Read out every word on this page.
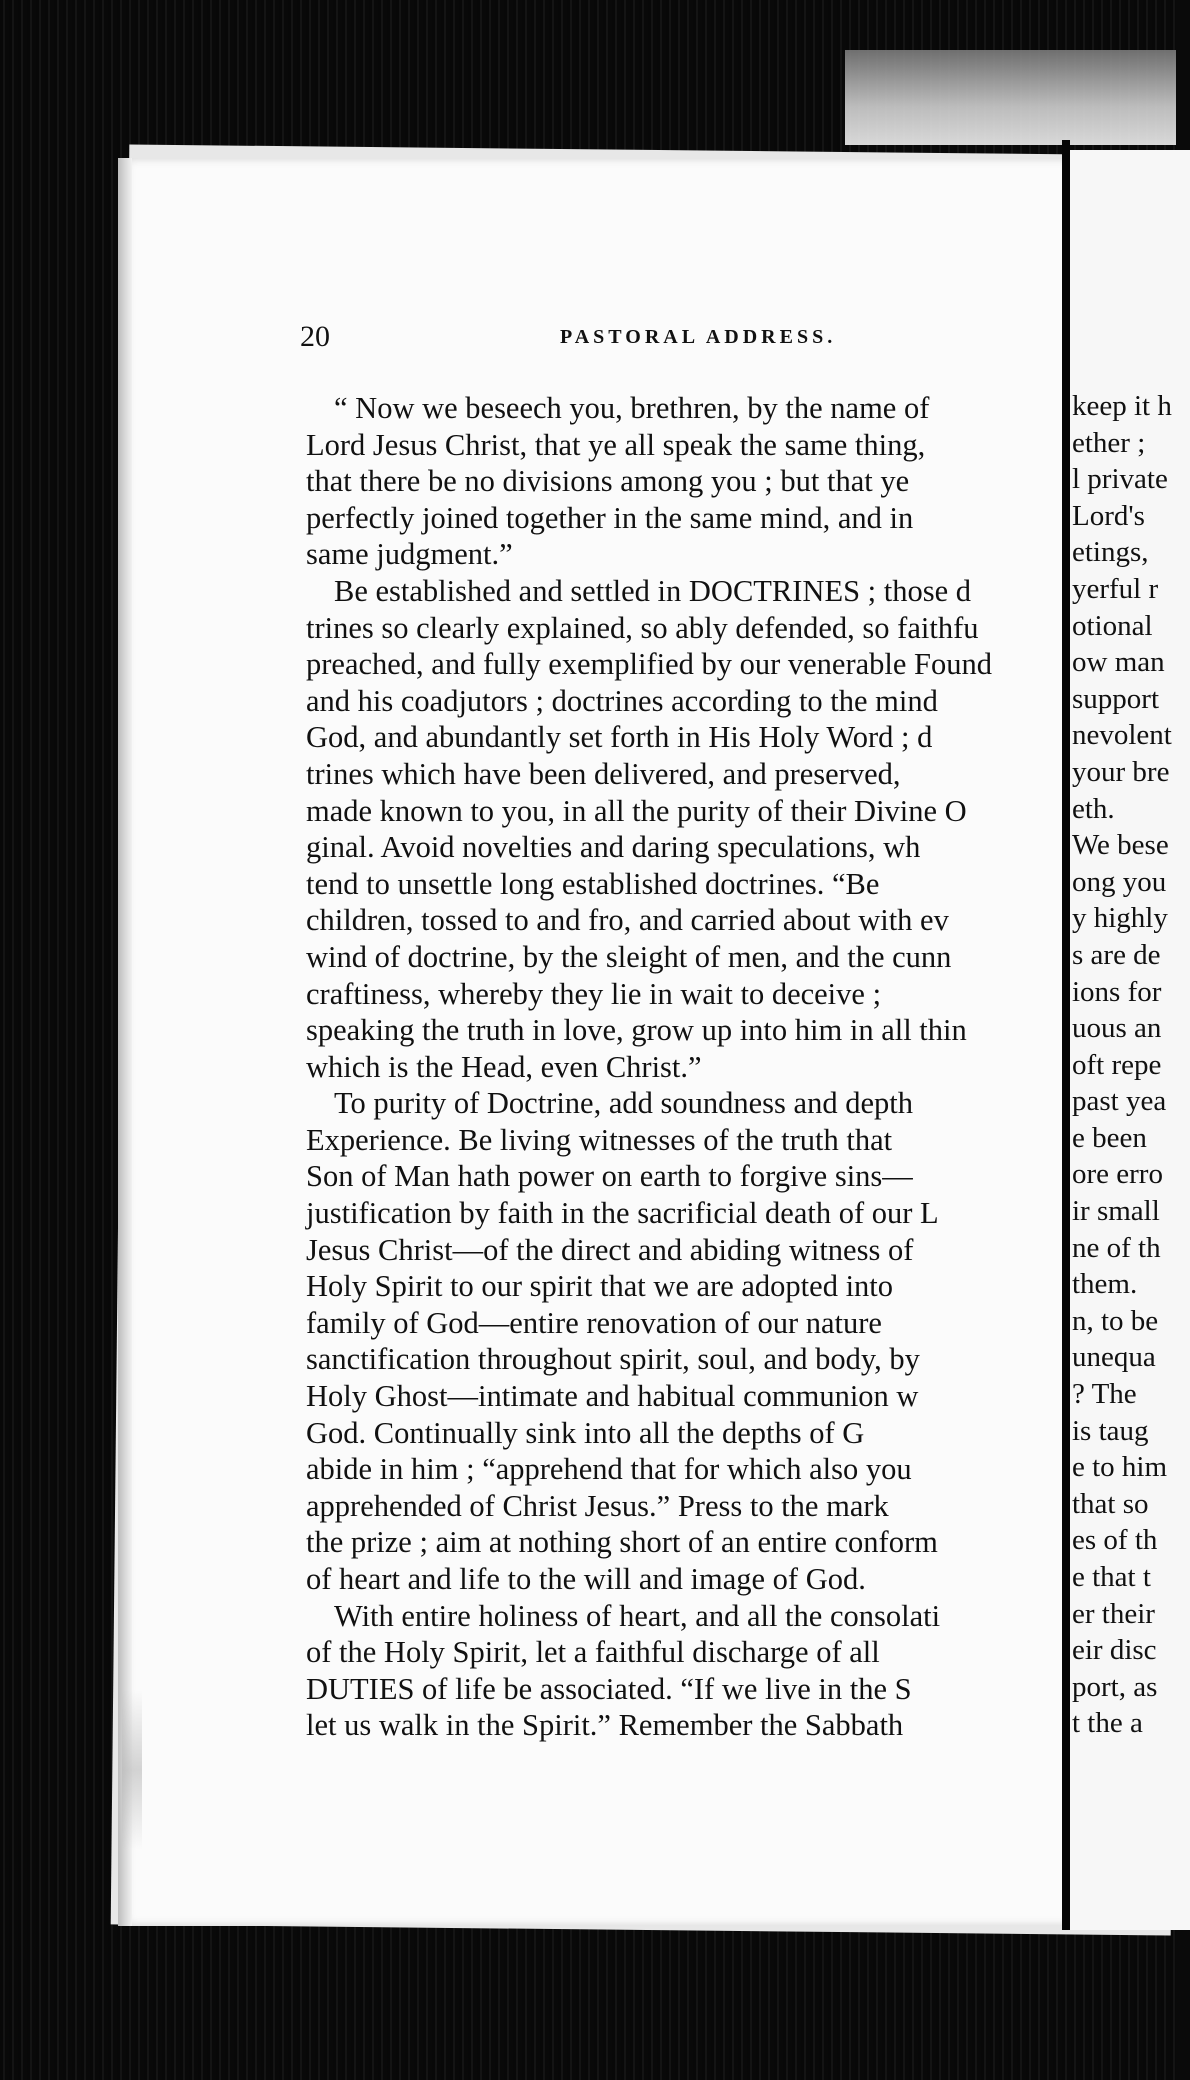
20	PASTORAL ADDRESS.
“ Now we beseech you, brethren, by the name of
Lord Jesus Christ, that ye all speak the same thing,
that there be no divisions among you ; but that ye
perfectly joined together in the same mind, and in
same judgment.”
Be established and settled in DOCTRINES ; those d
trines so clearly explained, so ably defended, so faithfu
preached, and fully exemplified by our venerable Found
and his coadjutors ; doctrines according to the mind
God, and abundantly set forth in His Holy Word ; d
trines which have been delivered, and preserved,
made known to you, in all the purity of their Divine O
ginal. Avoid novelties and daring speculations, wh
tend to unsettle long established doctrines. “Be
children, tossed to and fro, and carried about with ev
wind of doctrine, by the sleight of men, and the cunn
craftiness, whereby they lie in wait to deceive ;
speaking the truth in love, grow up into him in all thin
which is the Head, even Christ.”
To purity of Doctrine, add soundness and depth
Experience. Be living witnesses of the truth that
Son of Man hath power on earth to forgive sins—
justification by faith in the sacrificial death of our L
Jesus Christ—of the direct and abiding witness of
Holy Spirit to our spirit that we are adopted into
family of God—entire renovation of our nature
sanctification throughout spirit, soul, and body, by
Holy Ghost—intimate and habitual communion w
God. Continually sink into all the depths of G
abide in him ; “apprehend that for which also you
apprehended of Christ Jesus.” Press to the mark
the prize ; aim at nothing short of an entire conform
of heart and life to the will and image of God.
With entire holiness of heart, and all the consolati
of the Holy Spirit, let a faithful discharge of all
DUTIES of life be associated. “If we live in the S
let us walk in the Spirit.” Remember the Sabbath
keep it h
ether ;
l private
Lord's
etings,
yerful r
otional
ow man
support
nevolent
your bre
eth.
We bese
ong you
y highly
s are de
ions for
uous an
oft repe
past yea
e been
ore erro
ir small
ne of th
them.
n, to be
unequa
? The
is taug
e to him
that so
es of th
e that t
er their
eir disc
port, as
t the a
